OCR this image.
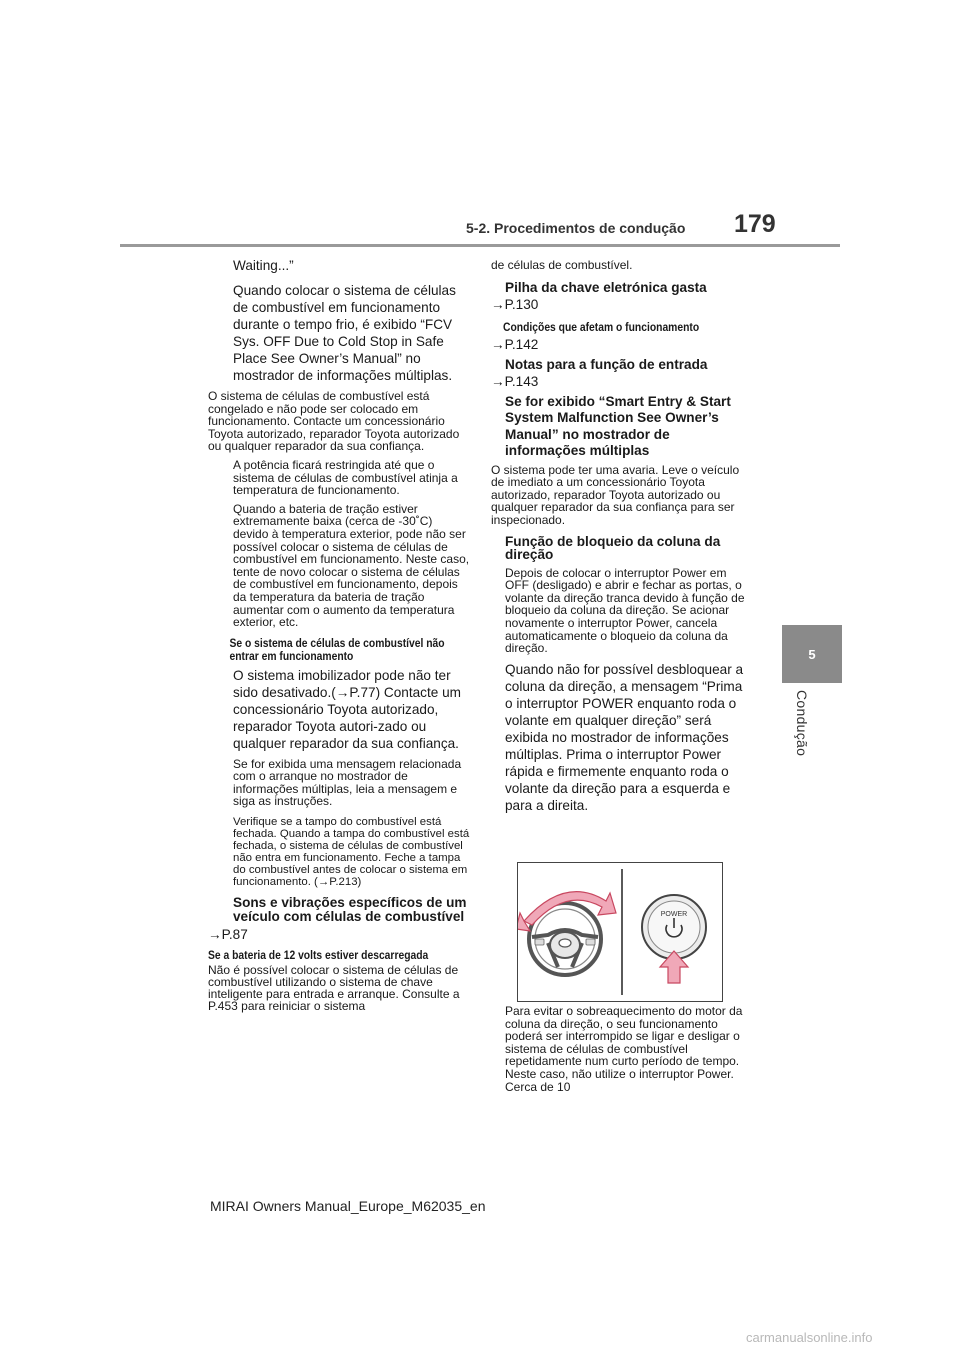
5-2. Procedimentos de condução 179
5
Condução

Waiting...”

Quando colocar o sistema de células de combustível em funcionamento durante o tempo frio, é exibido “FCV Sys. OFF Due to Cold Stop in Safe Place See Owner’s Manual” no mostrador de informações múltiplas.

O sistema de células de combustível está congelado e não pode ser colocado em funcionamento. Contacte um concessionário Toyota autorizado, reparador Toyota autorizado ou qualquer reparador da sua confiança.

A potência ficará restringida até que o sistema de células de combustível atinja a temperatura de funcionamento.

Quando a bateria de tração estiver extremamente baixa (cerca de -30˚C) devido à temperatura exterior, pode não ser possível colocar o sistema de células de combustível em funcionamento. Neste caso, tente de novo colocar o sistema de células de combustível em funcionamento, depois da temperatura da bateria de tração aumentar com o aumento da temperatura exterior, etc.

Se o sistema de células de combustível não entrar em funcionamento

O sistema imobilizador pode não ter sido desativado.(→P.77) Contacte um concessionário Toyota autorizado, reparador Toyota autori-zado ou qualquer reparador da sua confiança.

Se for exibida uma mensagem relacionada com o arranque no mostrador de informações múltiplas, leia a mensagem e siga as instruções.

Verifique se a tampo do combustível está fechada. Quando a tampa do combustível está fechada, o sistema de células de combustível não entra em funcionamento. Feche a tampa do combustível antes de colocar o sistema em funcionamento. (→P.213)

Sons e vibrações específicos de um veículo com células de combustível

→P.87

Se a bateria de 12 volts estiver descarregada

Não é possível colocar o sistema de células de combustível utilizando o sistema de chave inteligente para entrada e arranque. Consulte a P.453 para reiniciar o sistema

de células de combustível.

Pilha da chave eletrónica gasta

→P.130

Condições que afetam o funcionamento

→P.142

Notas para a função de entrada

→P.143

Se for exibido “Smart Entry & Start System Malfunction See Owner’s Manual” no mostrador de informações múltiplas

O sistema pode ter uma avaria. Leve o veículo de imediato a um concessionário Toyota autorizado, reparador Toyota autorizado ou qualquer reparador da sua confiança para ser inspecionado.

Função de bloqueio da coluna da direção

Depois de colocar o interruptor Power em OFF (desligado) e abrir e fechar as portas, o volante da direção tranca devido à função de bloqueio da coluna da direção. Se acionar novamente o interruptor Power, cancela automaticamente o bloqueio da coluna da direção.

Quando não for possível desbloquear a coluna da direção, a mensagem “Prima o interruptor POWER enquanto roda o volante em qualquer direção” será exibida no mostrador de informações múltiplas. Prima o interruptor Power rápida e firmemente enquanto roda o volante da direção para a esquerda e para a direita.

POWER

Para evitar o sobreaquecimento do motor da coluna da direção, o seu funcionamento poderá ser interrompido se ligar e desligar o sistema de células de combustível repetidamente num curto período de tempo. Neste caso, não utilize o interruptor Power. Cerca de 10

MIRAI Owners Manual_Europe_M62035_en
carmanualsonline.info
